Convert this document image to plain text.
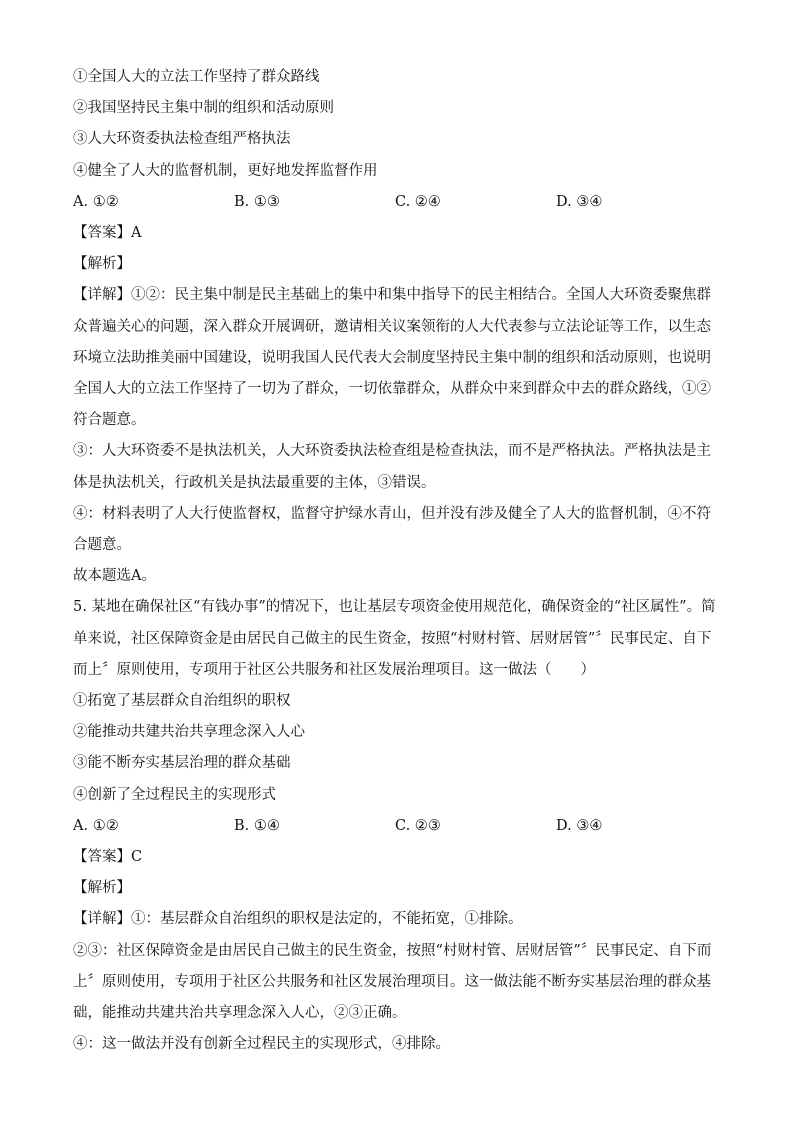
①全国人大的立法工作坚持了群众路线
②我国坚持民主集中制的组织和活动原则
③人大环资委执法检查组严格执法
④健全了人大的监督机制，更好地发挥监督作用
A. ①②	B. ①③	C. ②④	D. ③④
【答案】A
【解析】
【详解】①②：民主集中制是民主基础上的集中和集中指导下的民主相结合。全国人大环资委聚焦群众普遍关心的问题，深入群众开展调研，邀请相关议案领衔的人大代表参与立法论证等工作，以生态环境立法助推美丽中国建设，说明我国人民代表大会制度坚持民主集中制的组织和活动原则，也说明全国人大的立法工作坚持了一切为了群众，一切依靠群众，从群众中来到群众中去的群众路线，①②符合题意。
③：人大环资委不是执法机关，人大环资委执法检查组是检查执法，而不是严格执法。严格执法是主体是执法机关，行政机关是执法最重要的主体，③错误。
④：材料表明了人大行使监督权，监督守护绿水青山，但并没有涉及健全了人大的监督机制，④不符合题意。
故本题选A。
5. 某地在确保社区“有钱办事”的情况下，也让基层专项资金使用规范化，确保资金的“社区属性”。简单来说，社区保障资金是由居民自己做主的民生资金，按照“村财村管、居财居管”〞民事民定、自下而上〞原则使用，专项用于社区公共服务和社区发展治理项目。这一做法（　　）
①拓宽了基层群众自治组织的职权
②能推动共建共治共享理念深入人心
③能不断夯实基层治理的群众基础
④创新了全过程民主的实现形式
A. ①②	B. ①④	C. ②③	D. ③④
【答案】C
【解析】
【详解】①：基层群众自治组织的职权是法定的，不能拓宽，①排除。
②③：社区保障资金是由居民自己做主的民生资金，按照“村财村管、居财居管”〞民事民定、自下而上〞原则使用，专项用于社区公共服务和社区发展治理项目。这一做法能不断夯实基层治理的群众基础，能推动共建共治共享理念深入人心，②③正确。
④：这一做法并没有创新全过程民主的实现形式，④排除。
